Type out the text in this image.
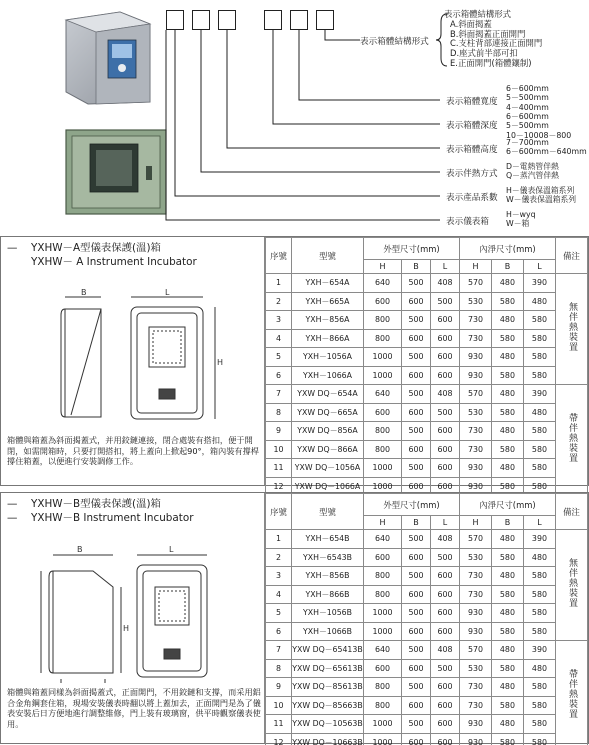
表示箱體結構形式
表示箱體結構形式
A.斜面揭蓋
B.斜面揭蓋正面開門
C.支柱背部連接正面開門
D.座式前半部可扣
E.正面開門(箱體鑲制)
表示箱體寬度
6－600mm
5－500mm
4－400mm
表示箱體深度
6－600mm
5－500mm
10－10008－800
表示箱體高度
7－700mm
6－600mm－640mm
表示伴熱方式
D－電熱管伴熱
Q－蒸汽管伴熱
表示產品系數
H－儀表保溫箱系列
W－儀表保溫箱系列
表示儀表箱
H－wyq
W－箱
— YXHW－A型儀表保護(溫)箱
YXHW－ A Instrument Incubator
B	L
H
箱體與箱蓋為斜面揭蓋式，并用鉸鏈連接，閉合處裝有搭扣，便于開閉，如需開箱時，只要打開搭扣，將上蓋向上掀起90°，箱內裝有撐桿撐住箱蓋，以便進行安裝調修工作。
序號	型號	外型尺寸(mm)			內淨尺寸(mm)			備注
		H	B	L	H	B	L	
1	YXH－654A	640	500	408	570	480	390	無伴熱裝置
2	YXH－665A	600	600	500	530	580	480	
3	YXH－856A	800	500	600	730	480	580	
4	YXH－866A	800	600	600	730	580	580	
5	YXH－1056A	1000	500	600	930	480	580	
6	YXH－1066A	1000	600	600	930	580	580	
7	YXW DQ－654A	640	500	408	570	480	390	帶伴熱裝置
8	YXW DQ－665A	600	600	500	530	580	480	
9	YXW DQ－856A	800	500	600	730	480	580	
10	YXW DQ－866A	800	600	600	730	580	580	
11	YXW DQ－1056A	1000	500	600	930	480	580	
12	YXW DQ－1066A	1000	600	600	930	580	580	
— YXHW－B型儀表保護(溫)箱
— YXHW－B Instrument Incubator
B	L
H
箱體與箱蓋同樣為斜面揭蓋式，正面開門，不用鉸鏈和支撐，而采用鋁合金角鋼套住箱，現場安裝儀表時翻以將上蓋加去，正面開門是為了儀表安裝后日方便地進行調整維修，門上裝有玻璃窗，供平時觀察儀表使用。
序號	型號	外型尺寸(mm)			內淨尺寸(mm)			備注
		H	B	L	H	B	L	
1	YXH－654B	640	500	408	570	480	390	無伴熱裝置
2	YXH－6543B	600	600	500	530	580	480	
3	YXH－856B	800	500	600	730	480	580	
4	YXH－866B	800	600	600	730	580	580	
5	YXH－1056B	1000	500	600	930	480	580	
6	YXH－1066B	1000	600	600	930	580	580	
7	YXW DQ－65413B	640	500	408	570	480	390	帶伴熱裝置
8	YXW DQ－65613B	600	600	500	530	580	480	
9	YXW DQ－85613B	800	500	600	730	480	580	
10	YXW DQ－85663B	800	600	600	730	580	580	
11	YXW DQ－10563B	1000	500	600	930	480	580	
12	YXW DQ－10663B	1000	600	600	930	580	580	
